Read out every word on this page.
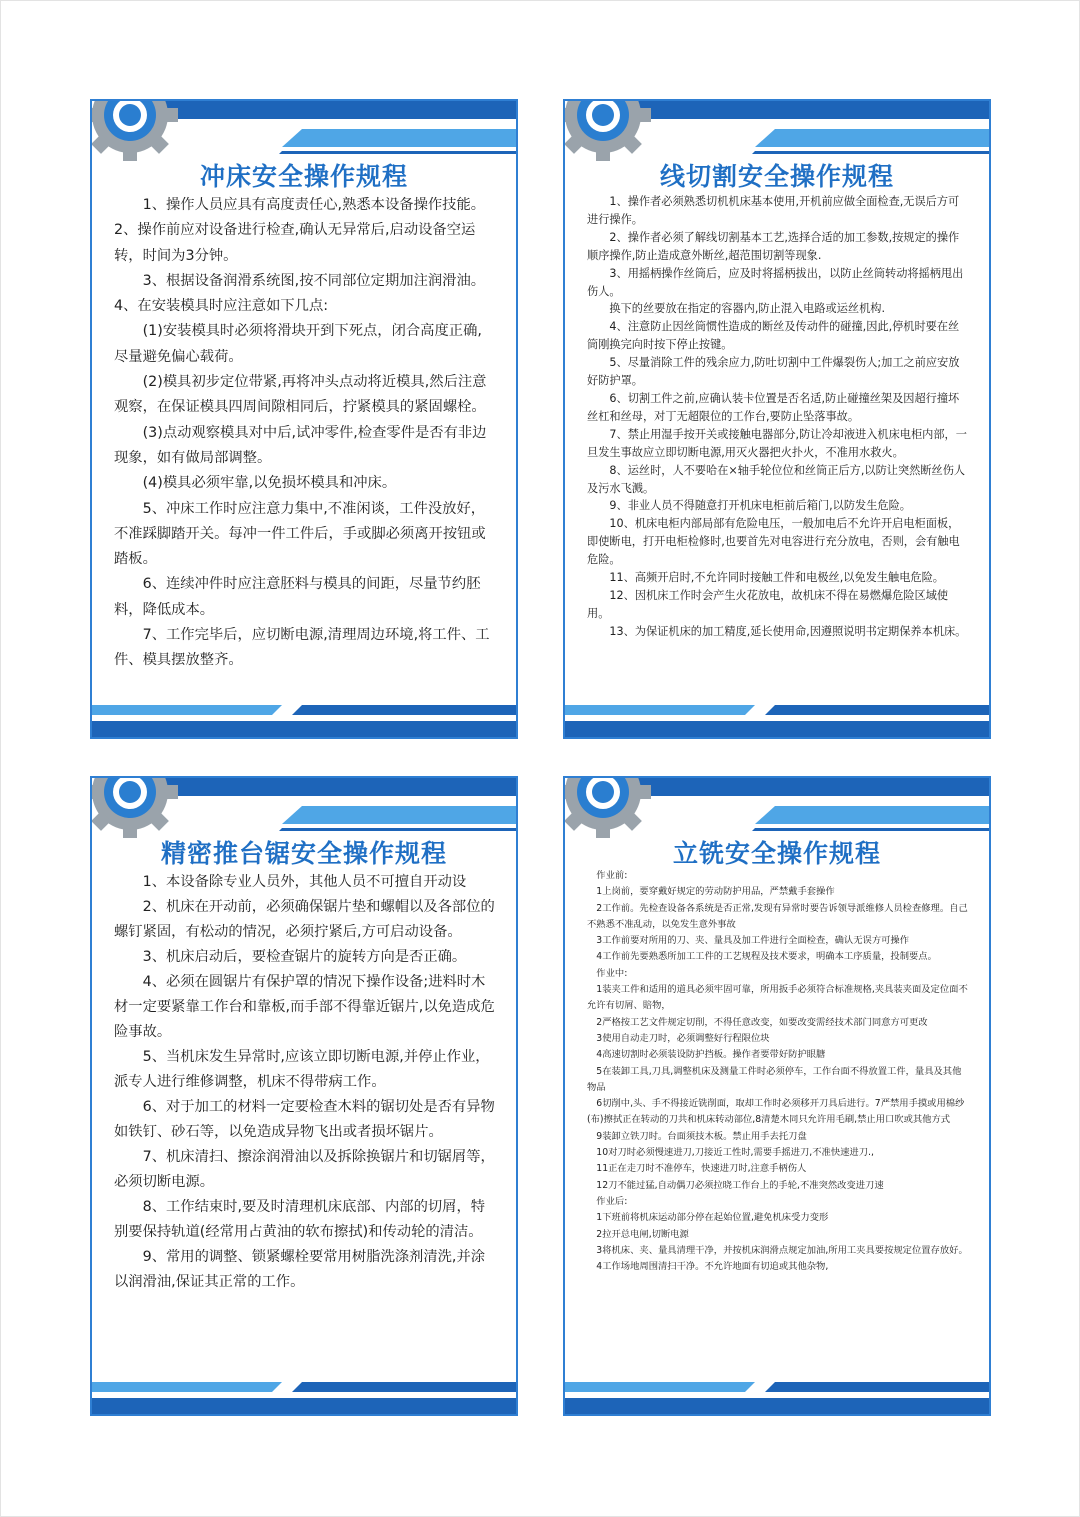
冲床安全操作规程

1、操作人员应具有高度责任心,熟悉本设备操作技能。2、操作前应对设备进行检查,确认无异常后,启动设备空运转，时间为3分钟。

3、根据设备润滑系统图,按不同部位定期加注润滑油。4、在安装模具时应注意如下几点:

(1)安装模具时必须将滑块开到下死点，闭合高度正确,尽量避免偏心载荷。

(2)模具初步定位带紧,再将冲头点动将近模具,然后注意观察，在保证模具四周间隙相同后，拧紧模具的紧固螺栓。

(3)点动观察模具对中后,试冲零件,检查零件是否有非边现象，如有做局部调整。

(4)模具必须牢靠,以免损坏模具和冲床。

5、冲床工作时应注意力集中,不准闲谈，工件没放好，不准踩脚踏开关。每冲一件工件后，手或脚必须离开按钮或踏板。

6、连续冲件时应注意胚料与模具的间距，尽量节约胚料，降低成本。

7、工作完毕后，应切断电源,清理周边环境,将工件、工件、模具摆放整齐。

线切割安全操作规程

1、操作者必须熟悉切机机床基本使用,开机前应做全面检查,无误后方可进行操作。

2、操作者必须了解线切割基本工艺,选择合适的加工参数,按规定的操作顺序操作,防止造成意外断丝,超范围切割等现象.

3、用摇柄操作丝筒后，应及时将摇柄拔出，以防止丝筒转动将摇柄甩出伤人。

换下的丝要放在指定的容器内,防止混入电路或运丝机构.

4、注意防止因丝筒惯性造成的断丝及传动件的碰撞,因此,停机时要在丝筒刚换完向时按下停止按键。

5、尽量消除工件的残余应力,防吐切割中工件爆裂伤人;加工之前应安放好防护罩。

6、切割工件之前,应确认装卡位置是否名适,防止碰撞丝架及因超行撞坏丝杠和丝母，对丁无超限位的工作台,要防止坠落事故。

7、禁止用湿手按开关或接触电器部分,防让冷却液进入机床电柜内部，一旦发生事故应立即切断电源,用灭火器把火扑火，不准用水救火。

8、运丝时，人不要哈在×轴手轮位位和丝筒正后方,以防让突然断丝伤人及污水飞溅。

9、非业人员不得随意打开机床电柜前后箱门,以防发生危险。

10、机床电柜内部局部有危险电压，一般加电后不允许开启电柜面板，即使断电，打开电柜检修时,也要首先对电容进行充分放电，否则，会有触电危险。

11、高频开启时,不允许同时接触工件和电极丝,以免发生触电危险。

12、因机床工作时会产生火花放电，故机床不得在易燃爆危险区域使用。

13、为保证机床的加工精度,延长使用命,因遵照说明书定期保养本机床。

精密推台锯安全操作规程

1、本设备除专业人员外，其他人员不可擅自开动设

2、机床在开动前，必须确保锯片垫和螺帽以及各部位的螺钉紧固，有松动的情况，必须拧紧后,方可启动设备。

3、机床启动后，要检查锯片的旋转方向是否正确。

4、必须在圆锯片有保护罩的情况下操作设备;进料时木材一定要紧靠工作台和靠板,而手部不得靠近锯片,以免造成危险事故。

5、当机床发生异常时,应该立即切断电源,并停止作业，派专人进行维修调整，机床不得带病工作。

6、对于加工的材料一定要检查木料的锯切处是否有异物如铁钉、砂石等，以免造成异物飞出或者损坏锯片。

7、机床清扫、擦涂润滑油以及拆除换锯片和切锯屑等，必须切断电源。

8、工作结束时,要及时清理机床底部、内部的切屑，特别要保持轨道(经常用占黄油的软布擦拭)和传动轮的清洁。

9、常用的调整、锁紧螺栓要常用树脂洗涤剂清洗,并涂以润滑油,保证其正常的工作。

立铣安全操作规程

作业前:

1上岗前，要穿戴好规定的劳动防护用品，严禁戴手套操作

2工作前。先检查设备各系统是否正常,发现有异常时要告诉领导派维修人员检查修理。自己不熟悉不准乱动，以免发生意外事故

3工作前要对所用的刀、夹、量具及加工件进行全面检查，确认无误方可操作

4工作前先要熟悉所加工工件的工艺规程及技术要求，明确本工序质量，投制要点。

作业中:

1装夹工件和适用的道具必须牢固可靠，所用扳手必须符合标准规格,夹具装夹面及定位面不允许有切屑、賠物，

2严格按工艺文件规定切削，不得任意改变，如要改变需经技术部门同意方可更改

3使用自动走刀时，必须调整好行程限位块

4高速切割时必须装设防护挡板。操作者要带好防护眼膅

5在装卸工具,刀具,调整机床及测量工件时必须停车，工作台面不得放置工件，量具及其他物品

6切削中,头、手不得接近铣削面，取却工作时必须移开刀具后进行。7严禁用手摸或用棉纱(布)擦拭正在转动的刀共和机床转动部位,8清楚木同只允许用毛刷,禁止用口吹或其他方式

9装卸立铁刀时。台面须技木板。禁止用手去托刀盘

10对刀时必须慢速进刀,刀接近工性时,需要手摇进刀,不准快速进刀.,

11正在走刀时不准停车，快速进刀时,注意手柄伤人

12刀不能过猛,自动偶刀必须拉晓工作台上的手轮,不准突然改变进刀速

作业后:

1下班前将机床运动部分停在起始位置,避免机床受力变形

2拉开总电闸,切断电源

3将机床、夹、量具清理干净，并按机床润滑点规定加油,所用工夹具要按规定位置存放好。

4工作场地周围清扫干净。不允许地面有切追或其他杂物,
